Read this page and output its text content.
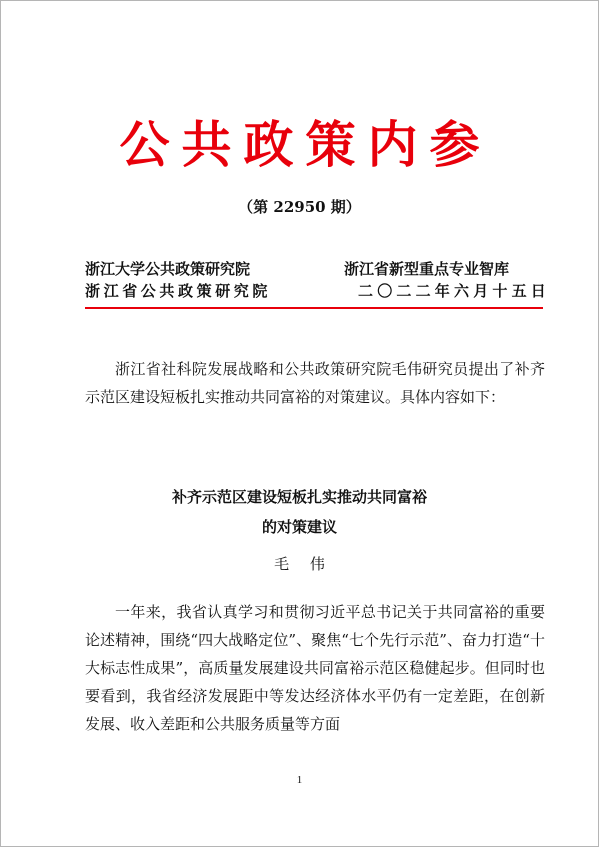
公共政策内参
（第 22950 期）
浙江大学公共政策研究院	浙江省新型重点专业智库
浙江省公共政策研究院	二〇二二年六月十五日

浙江省社科院发展战略和公共政策研究院毛伟研究员提出了补齐示范区建设短板扎实推动共同富裕的对策建议。具体内容如下：

补齐示范区建设短板扎实推动共同富裕
的对策建议
毛 伟

一年来，我省认真学习和贯彻习近平总书记关于共同富裕的重要论述精神，围绕“四大战略定位”、聚焦“七个先行示范”、奋力打造“十大标志性成果”，高质量发展建设共同富裕示范区稳健起步。但同时也要看到，我省经济发展距中等发达经济体水平仍有一定差距，在创新发展、收入差距和公共服务质量等方面

1
